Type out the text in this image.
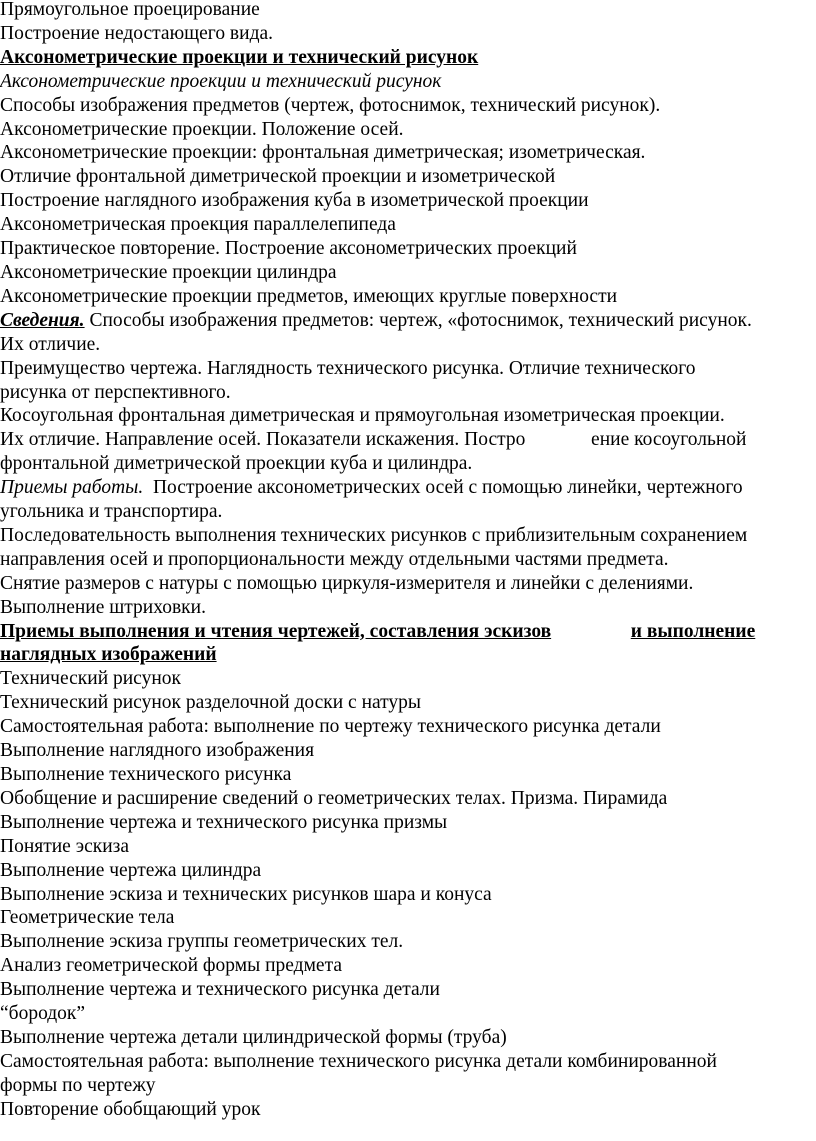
Прямоугольное проецирование

Построение недостающего вида.

Аксонометрические проекции и технический рисунок

Аксонометрические проекции и технический рисунок

Способы изображения предметов (чертеж, фотоснимок, технический рисунок).

Аксонометрические проекции. Положение осей.

Аксонометрические проекции: фронтальная диметрическая; изометрическая.

Отличие фронтальной диметрической проекции и изометрической

Построение наглядного изображения куба в изометрической проекции

Аксонометрическая проекция параллелепипеда

Практическое повторение. Построение аксонометрических проекций

Аксонометрические проекции цилиндра

Аксонометрические проекции предметов, имеющих круглые поверхности

Сведения. Способы изображения предметов: чертеж, «фотоснимок, технический рисунок.

Их отличие.

Преимущество чертежа. Наглядность технического рисунка. Отличие технического

рисунка от перспективного.

Косоугольная фронтальная диметрическая и прямоугольная изометрическая проекции.

Их отличие. Направление осей. Показатели искажения. Постро	ение косоугольной

фронтальной диметрической проекции куба и цилиндра.

Приемы работы.  Построение аксонометрических осей с помощью линейки, чертежного

угольника и транспортира.

Последовательность выполнения технических рисунков с приблизительным сохранением

направления осей и пропорциональности между отдельными частями предмета.

Снятие размеров с натуры с помощью циркуля-измерителя и линейки с делениями.

Выполнение штриховки.

Приемы выполнения и чтения чертежей, составления эскизов	и выполнение

наглядных изображений

Технический рисунок

Технический рисунок разделочной доски с натуры

Самостоятельная работа: выполнение по чертежу технического рисунка детали

Выполнение наглядного изображения

Выполнение технического рисунка

Обобщение и расширение сведений о геометрических телах. Призма. Пирамида

Выполнение чертежа и технического рисунка призмы

Понятие эскиза

Выполнение чертежа цилиндра

Выполнение эскиза и технических рисунков шара и конуса

Геометрические тела

Выполнение эскиза группы геометрических тел.

Анализ геометрической формы предмета

Выполнение чертежа и технического рисунка детали

“бородок”

Выполнение чертежа детали цилиндрической формы (труба)

Самостоятельная работа: выполнение технического рисунка детали комбинированной

формы по чертежу

Повторение обобщающий урок
